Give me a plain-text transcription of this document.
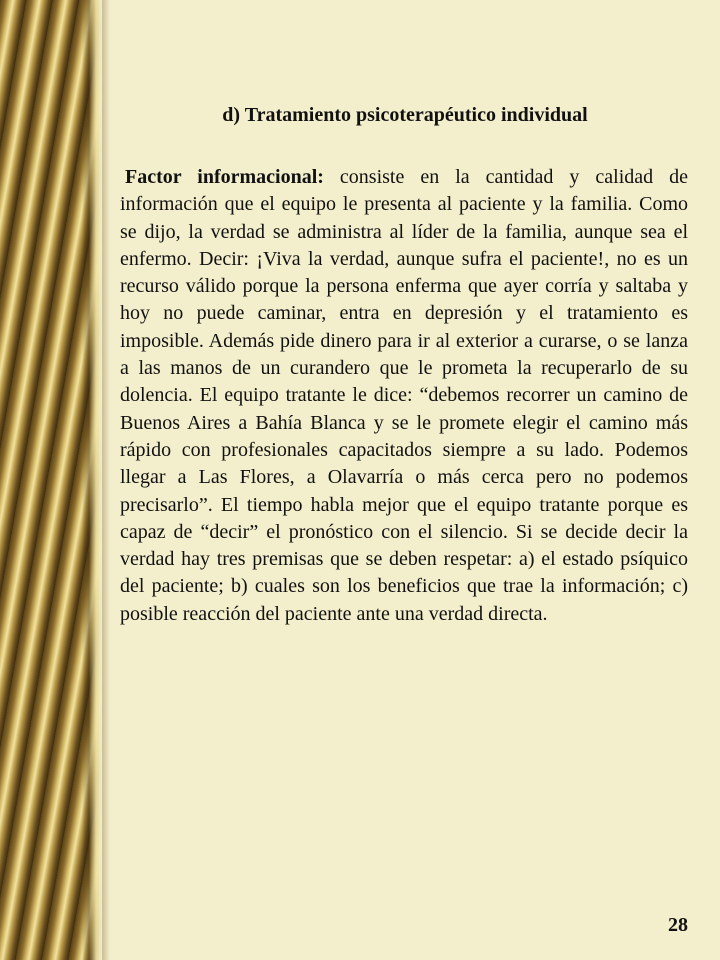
d) Tratamiento psicoterapéutico individual

Factor informacional: consiste en la cantidad y calidad de información que el equipo le presenta al paciente y la familia. Como se dijo, la verdad se administra al líder de la familia, aunque sea el enfermo. Decir: ¡Viva la verdad, aunque sufra el paciente!, no es un recurso válido porque la persona enferma que ayer corría y saltaba y hoy no puede caminar, entra en depresión y el tratamiento es imposible. Además pide dinero para ir al exterior a curarse, o se lanza a las manos de un curandero que le prometa la recuperarlo de su dolencia. El equipo tratante le dice: “debemos recorrer un camino de Buenos Aires a Bahía Blanca y se le promete elegir el camino más rápido con profesionales capacitados siempre a su lado. Podemos llegar a Las Flores, a Olavarría o más cerca pero no podemos precisarlo”. El tiempo habla mejor que el equipo tratante porque es capaz de “decir” el pronóstico con el silencio. Si se decide decir la verdad hay tres premisas que se deben respetar: a) el estado psíquico del paciente; b) cuales son los beneficios que trae la información; c) posible reacción del paciente ante una verdad directa.

28
